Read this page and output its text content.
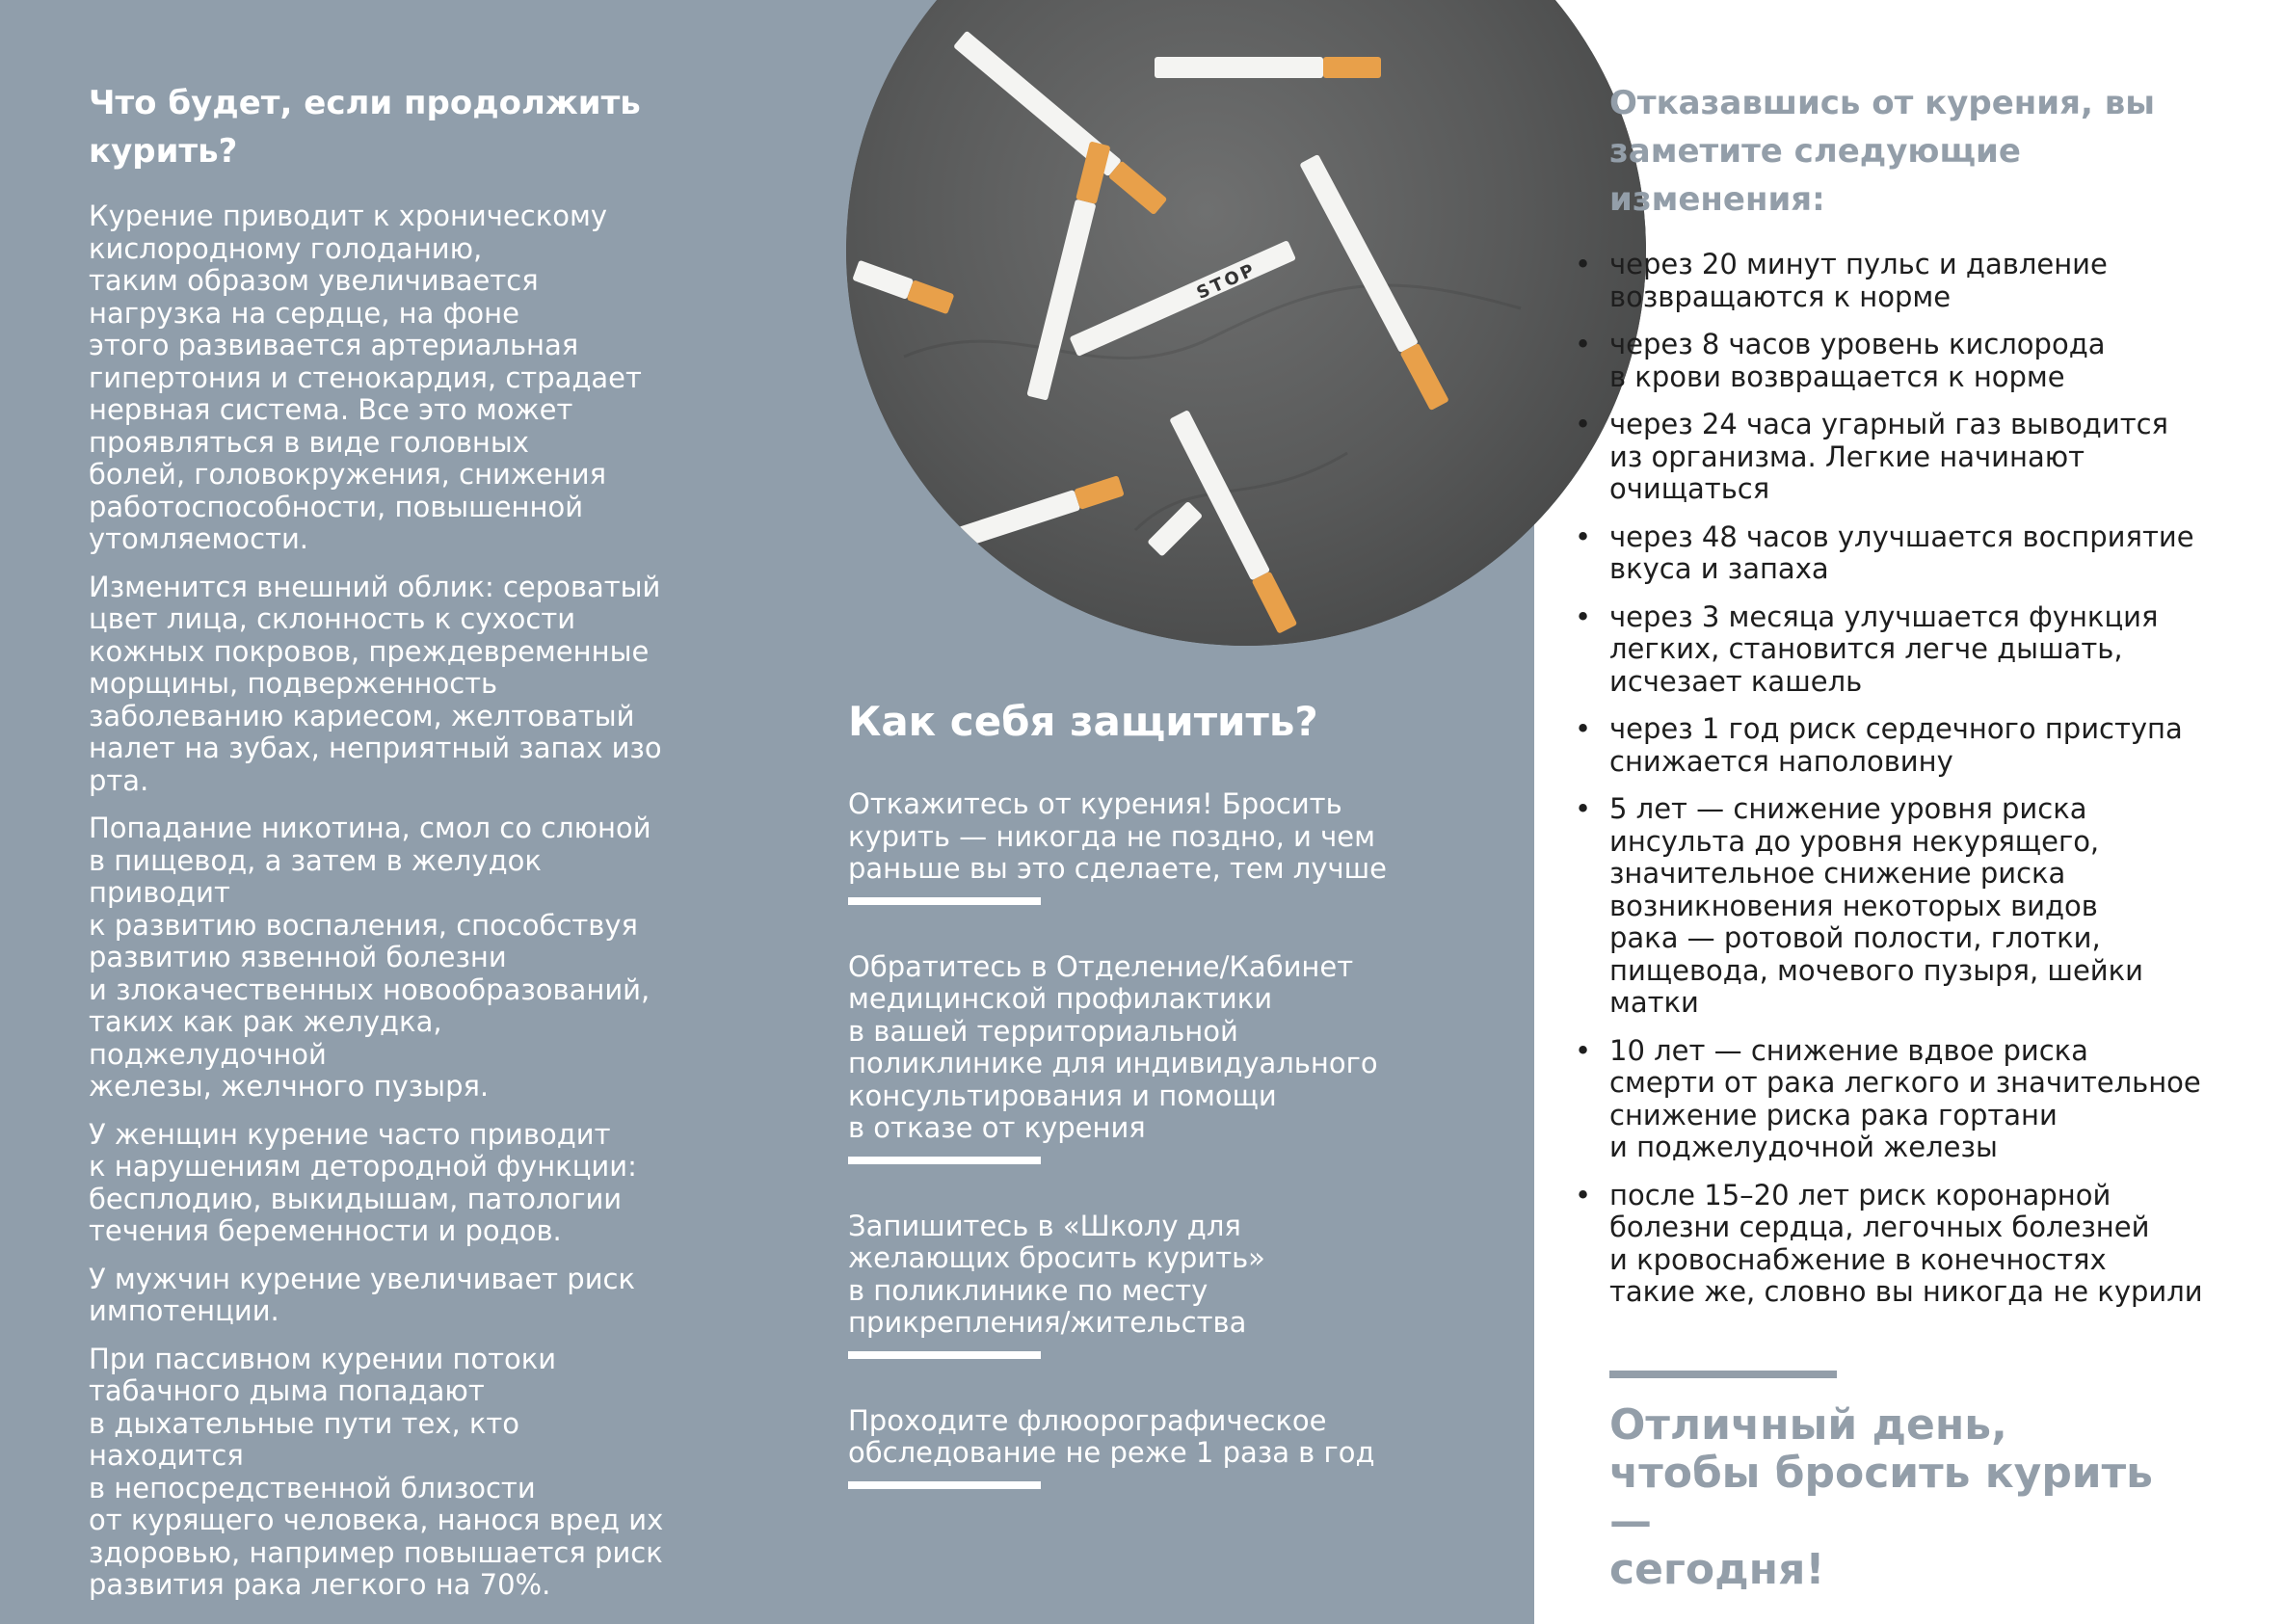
Что будет, если продолжить курить?

Курение приводит к хроническому
кислородному голоданию,
таким образом увеличивается
нагрузка на сердце, на фоне
этого развивается артериальная
гипертония и стенокардия, страдает
нервная система. Все это может
проявляться в виде головных
болей, головокружения, снижения
работоспособности, повышенной
утомляемости.

Изменится внешний облик: сероватый
цвет лица, склонность к сухости
кожных покровов, преждевременные
морщины, подверженность
заболеванию кариесом, желтоватый
налет на зубах, неприятный запах изо
рта.

Попадание никотина, смол со слюной
в пищевод, а затем в желудок приводит
к развитию воспаления, способствуя
развитию язвенной болезни
и злокачественных новообразований,
таких как рак желудка, поджелудочной
железы, желчного пузыря.

У женщин курение часто приводит
к нарушениям детородной функции:
бесплодию, выкидышам, патологии
течения беременности и родов.

У мужчин курение увеличивает риск
импотенции.

При пассивном курении потоки
табачного дыма попадают
в дыхательные пути тех, кто находится
в непосредственной близости
от курящего человека, нанося вред их
здоровью, например повышается риск
развития рака легкого на 70%.

STOP
Как себя защитить?

Откажитесь от курения! Бросить
курить — никогда не поздно, и чем
раньше вы это сделаете, тем лучше

Обратитесь в Отделение/Кабинет
медицинской профилактики
в вашей территориальной
поликлинике для индивидуального
консультирования и помощи
в отказе от курения

Запишитесь в «Школу для
желающих бросить курить»
в поликлинике по месту
прикрепления/жительства

Проходите флюорографическое
обследование не реже 1 раза в год

Отказавшись от курения, вы заметите следующие изменения:
• через 20 минут пульс и давление
возвращаются к норме
• через 8 часов уровень кислорода
в крови возвращается к норме
• через 24 часа угарный газ выводится
из организма. Легкие начинают
очищаться
• через 48 часов улучшается восприятие
вкуса и запаха
• через 3 месяца улучшается функция
легких, становится легче дышать,
исчезает кашель
• через 1 год риск сердечного приступа
снижается наполовину
• 5 лет — снижение уровня риска
инсульта до уровня некурящего,
значительное снижение риска
возникновения некоторых видов
рака — ротовой полости, глотки,
пищевода, мочевого пузыря, шейки
матки
• 10 лет — снижение вдвое риска
смерти от рака легкого и значительное
снижение риска рака гортани
и поджелудочной железы
• после 15–20 лет риск коронарной
болезни сердца, легочных болезней
и кровоснабжение в конечностях
такие же, словно вы никогда не курили

Отличный день,
чтобы бросить курить —
сегодня!
